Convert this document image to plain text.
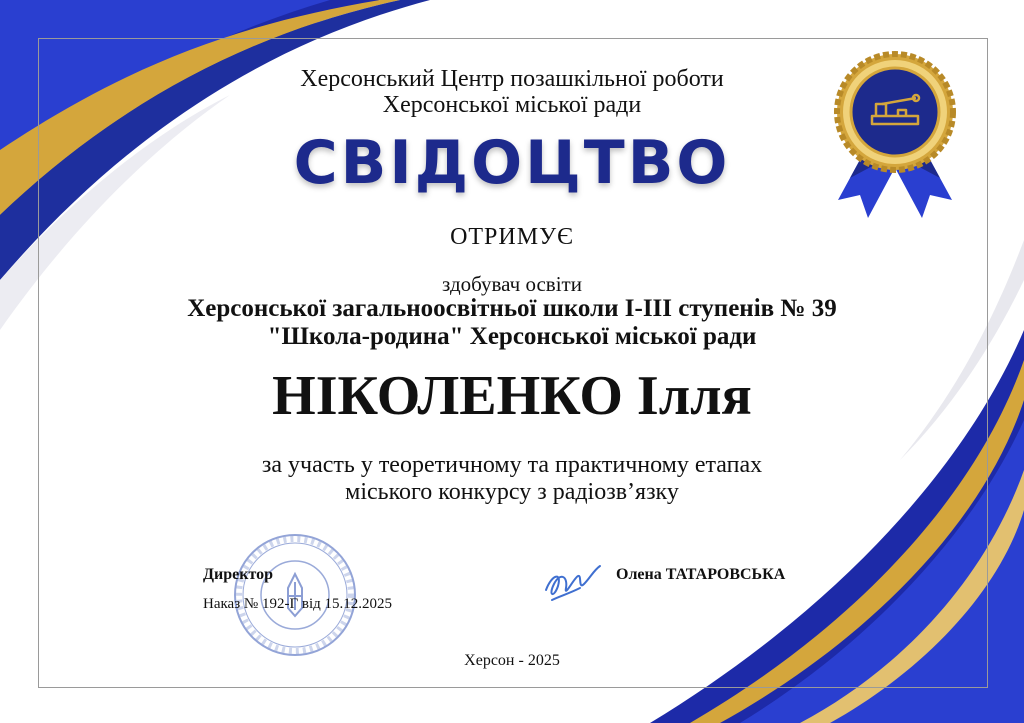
Херсонський Центр позашкільної роботи
Херсонської міської ради
СВІДОЦТВО
ОТРИМУЄ
здобувач освіти
Херсонської загальноосвітньої школи І-ІІІ ступенів № 39
"Школа-родина" Херсонської міської ради
НІКОЛЕНКО Ілля
за участь у теоретичному та практичному етапах
міського конкурсу з радіозв’язку
Директор
Наказ № 192-Г від 15.12.2025
Олена ТАТАРОВСЬКА
Херсон - 2025
